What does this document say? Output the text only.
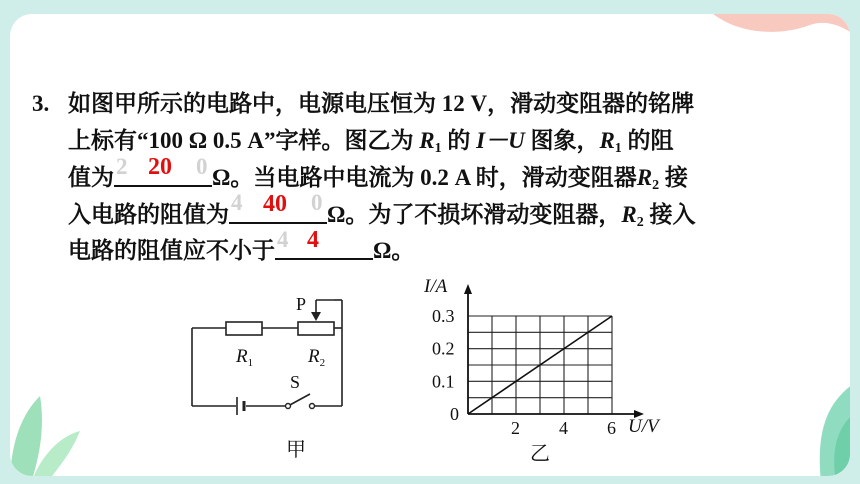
3. 如图甲所示的电路中，电源电压恒为 12 V，滑动变阻器的铭牌
上标有“100 Ω 0.5 A”字样。图乙为 $R_1$ 的 I－U 图象，$R_1$ 的阻
值为 2	0
20 Ω。当电路中电流为 0.2 A 时，滑动变阻器$R_2$ 接
入电路的阻值为 4	0
40 Ω。为了不损坏滑动变阻器，$R_2$ 接入
电路的阻值应不小于 4 4 Ω。
P
$R_1$	$R_2$
S
甲
2 4 6
0.1
0.2
0.3
I/A
U/V
0
乙
